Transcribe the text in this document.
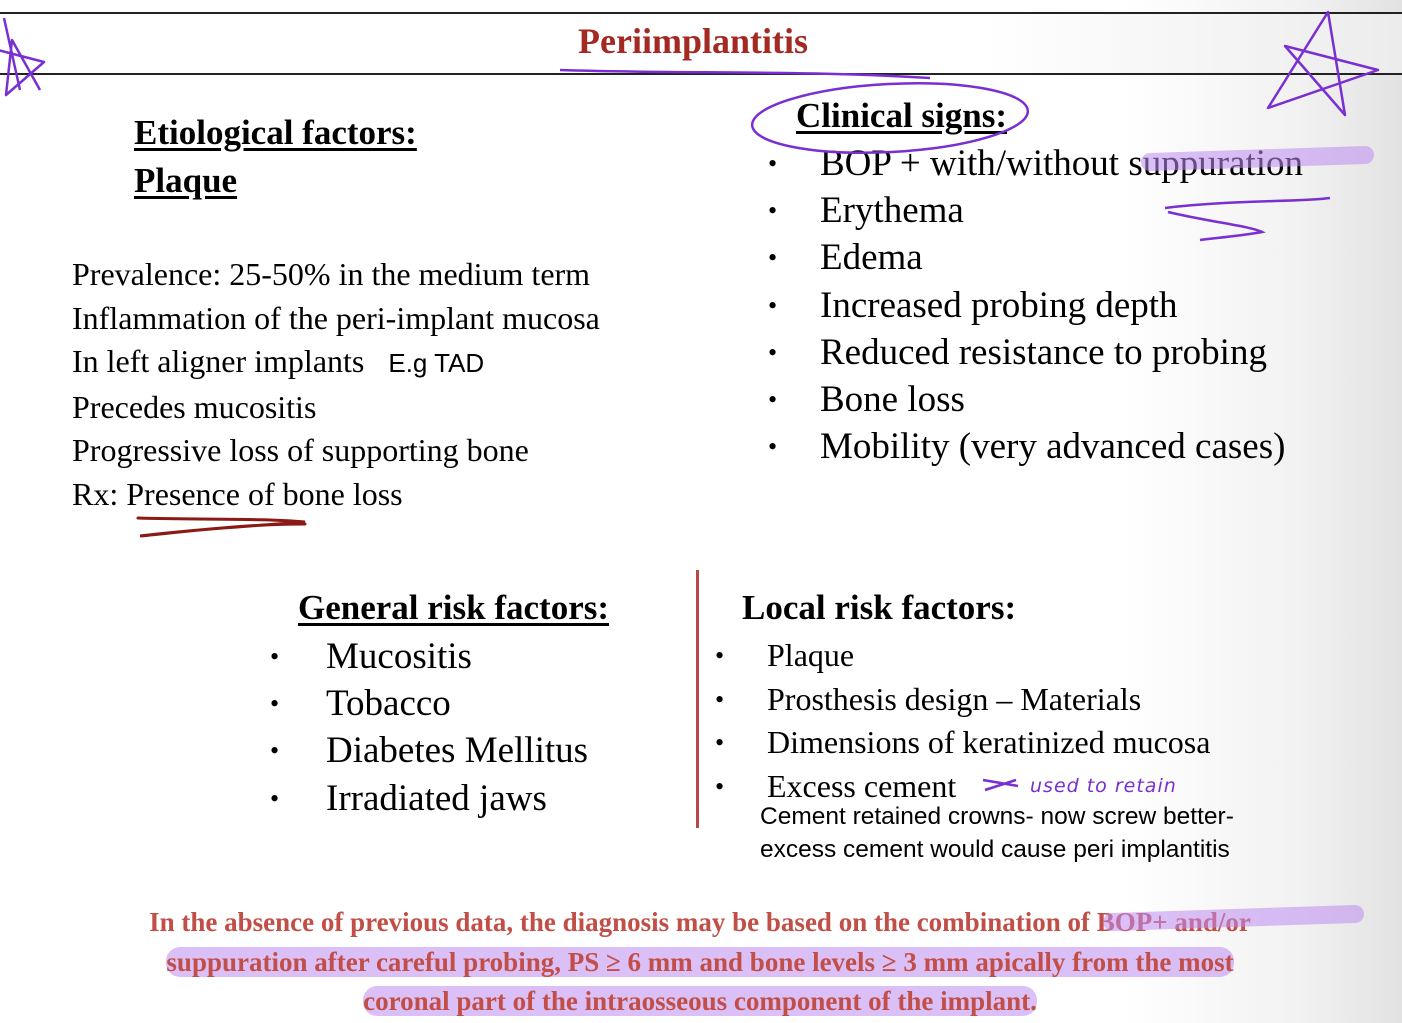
Periimplantitis
Etiological factors:
Plaque
Prevalence: 25-50% in the medium term
Inflammation of the peri-implant mucosa
In left aligner implants E.g TAD
Precedes mucositis
Progressive loss of supporting bone
Rx: Presence of bone loss
Clinical signs:
• BOP + with/without suppuration
• Erythema
• Edema
• Increased probing depth
• Reduced resistance to probing
• Bone loss
• Mobility (very advanced cases)
General risk factors:
• Mucositis
• Tobacco
• Diabetes Mellitus
• Irradiated jaws
Local risk factors:
• Plaque
• Prosthesis design – Materials
• Dimensions of keratinized mucosa
• Excess cement	used to retain
Cement retained crowns- now screw better-
excess cement would cause peri implantitis
In the absence of previous data, the diagnosis may be based on the combination of BOP+ and/or
suppuration after careful probing, PS ≥ 6 mm and bone levels ≥ 3 mm apically from the most
coronal part of the intraosseous component of the implant.
